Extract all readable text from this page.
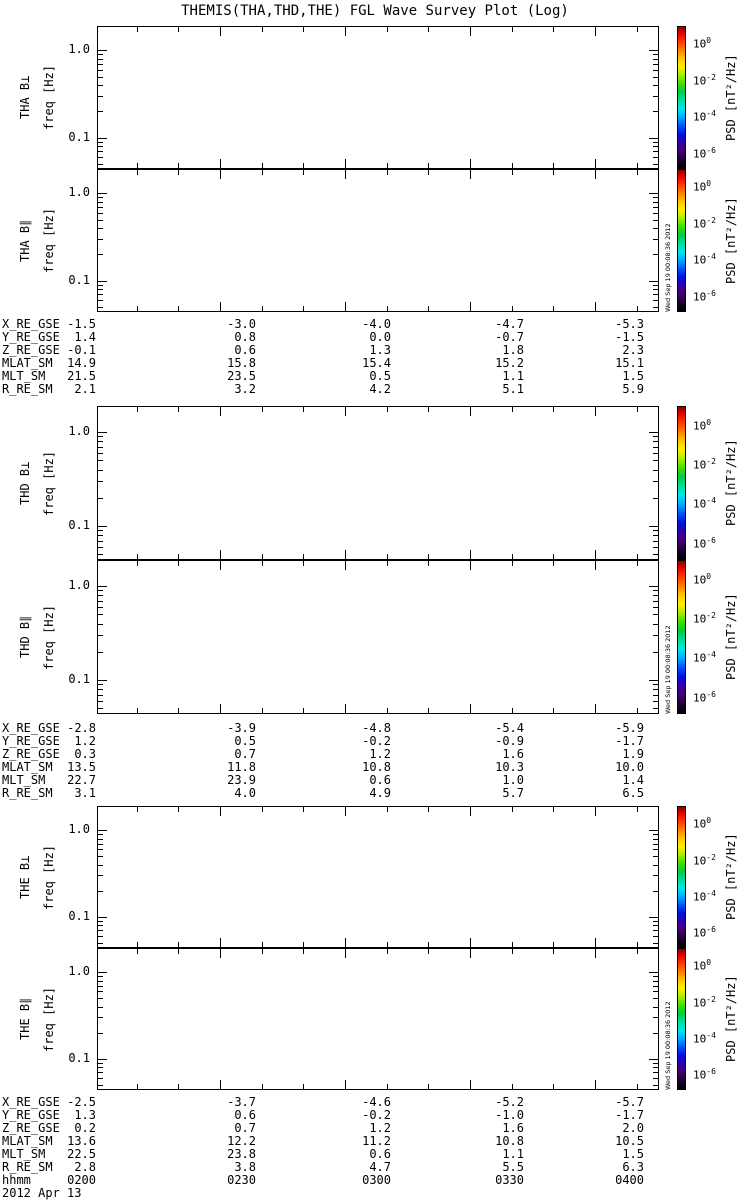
THEMIS(THA,THD,THE) FGL Wave Survey Plot (Log)
THA B⊥ freq [Hz]
1.0
0.1
$10^0$
$10^{-2}$
$10^{-4}$
$10^{-6}$
PSD [nT²/Hz]
THA B∥ freq [Hz]
1.0
0.1
$10^0$
$10^{-2}$
$10^{-4}$
$10^{-6}$
PSD [nT²/Hz]
Wed Sep 19 00:08:36 2012
X_RE_GSE -1.5	-3.0	-4.0	-4.7	-5.3
Y_RE_GSE	1.4	0.8	0.0	-0.7	-1.5
Z_RE_GSE -0.1	0.6	1.3	1.8	2.3
MLAT_SM	14.9	15.8	15.4	15.2	15.1
MLT_SM	21.5	23.5	0.5	1.1	1.5
R_RE_SM	2.1	3.2	4.2	5.1	5.9
THD B⊥ freq [Hz]
1.0
0.1
$10^0$
$10^{-2}$
$10^{-4}$
$10^{-6}$
PSD [nT²/Hz]
THD B∥ freq [Hz]
1.0
0.1
$10^0$
$10^{-2}$
$10^{-4}$
$10^{-6}$
PSD [nT²/Hz]
Wed Sep 19 00:08:36 2012
X_RE_GSE -2.8	-3.9	-4.8	-5.4	-5.9
Y_RE_GSE	1.2	0.5	-0.2	-0.9	-1.7
Z_RE_GSE	0.3	0.7	1.2	1.6	1.9
MLAT_SM	13.5	11.8	10.8	10.3	10.0
MLT_SM	22.7	23.9	0.6	1.0	1.4
R_RE_SM	3.1	4.0	4.9	5.7	6.5
THE B⊥ freq [Hz]
1.0
0.1
$10^0$
$10^{-2}$
$10^{-4}$
$10^{-6}$
PSD [nT²/Hz]
THE B∥ freq [Hz]
1.0
0.1
$10^0$
$10^{-2}$
$10^{-4}$
$10^{-6}$
PSD [nT²/Hz]
Wed Sep 19 00:08:36 2012
X_RE_GSE -2.5	-3.7	-4.6	-5.2	-5.7
Y_RE_GSE	1.3	0.6	-0.2	-1.0	-1.7
Z_RE_GSE	0.2	0.7	1.2	1.6	2.0
MLAT_SM	13.6	12.2	11.2	10.8	10.5
MLT_SM	22.5	23.8	0.6	1.1	1.5
R_RE_SM	2.8	3.8	4.7	5.5	6.3
hhmm	0200	0230	0300	0330	0400
2012 Apr 13
